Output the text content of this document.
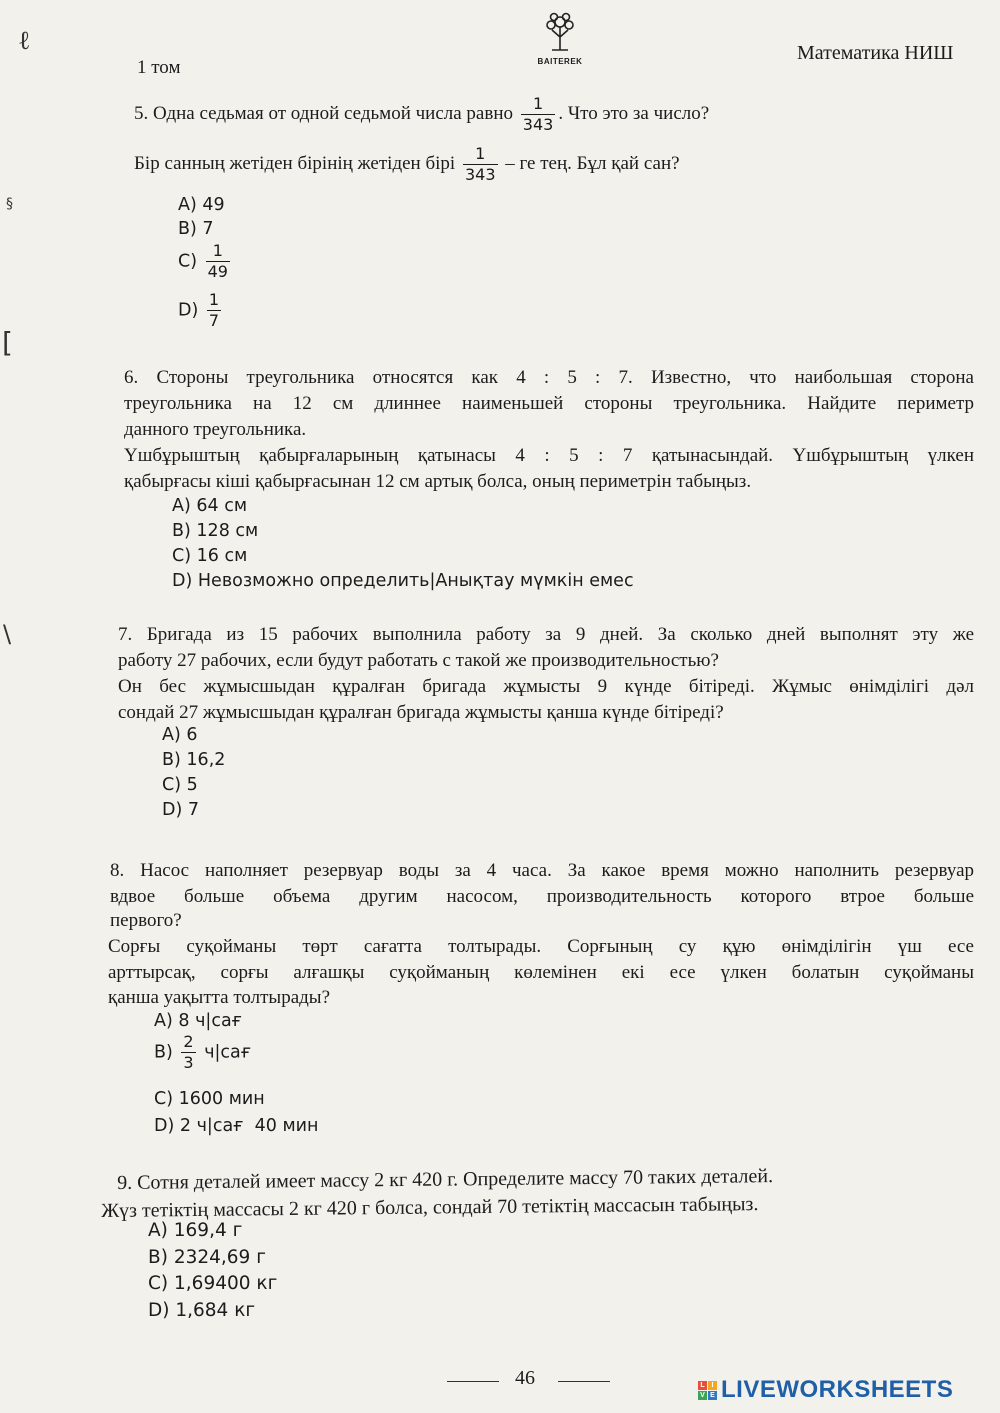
1 том	BAITEREK	Математика НИШ
5. Одна седьмая от одной седьмой числа равно $\frac{1}{343}$ . Что это за число?
Бір санның жетіден бірінің жетіден бірі $\frac{1}{343}$ – ге тең. Бұл қай сан?
A) 49
B) 7
$C) \frac{1}{49}$
$D) \frac{1}{7}$
6. Стороны треугольника относятся как 4 : 5 : 7. Известно, что наибольшая сторона
треугольника на 12 см длиннее наименьшей стороны треугольника. Найдите периметр
данного треугольника.
Үшбұрыштың қабырғаларының қатынасы 4 : 5 : 7 қатынасындай. Үшбұрыштың үлкен
қабырғасы кіші қабырғасынан 12 см артық болса, оның периметрін табыңыз.
A) 64 см
B) 128 см
C) 16 см
D) Невозможно определить|Анықтау мүмкін емес
7. Бригада из 15 рабочих выполнила работу за 9 дней. За сколько дней выполнят эту же
работу 27 рабочих, если будут работать с такой же производительностью?
Он бес жұмысшыдан құралған бригада жұмысты 9 күнде бітіреді. Жұмыс өнімділігі дәл
сондай 27 жұмысшыдан құралған бригада жұмысты қанша күнде бітіреді?
A) 6
B) 16,2
C) 5
D) 7
8. Насос наполняет резервуар воды за 4 часа. За какое время можно наполнить резервуар
вдвое больше объема другим насосом, производительность которого втрое больше
первого?
Сорғы суқойманы төрт сағатта толтырады. Сорғының су құю өнімділігін үш есе
арттырсақ, сорғы алғашқы суқойманың көлемінен екі есе үлкен болатын суқойманы
қанша уақытта толтырады?
A) 8 ч|сағ
$B) \frac{2}{3} ч|сағ$
C) 1600 мин
D) 2 ч|сағ  40 мин
9. Сотня деталей имеет массу 2 кг 420 г. Определите массу 70 таких деталей.
Жүз тетіктің массасы 2 кг 420 г болса, сондай 70 тетіктің массасын табыңыз.
A) 169,4 г
B) 2324,69 г
C) 1,69400 кг
D) 1,684 кг
46
ℓ
§
[
\
L I
V E LIVEWORKSHEETS
